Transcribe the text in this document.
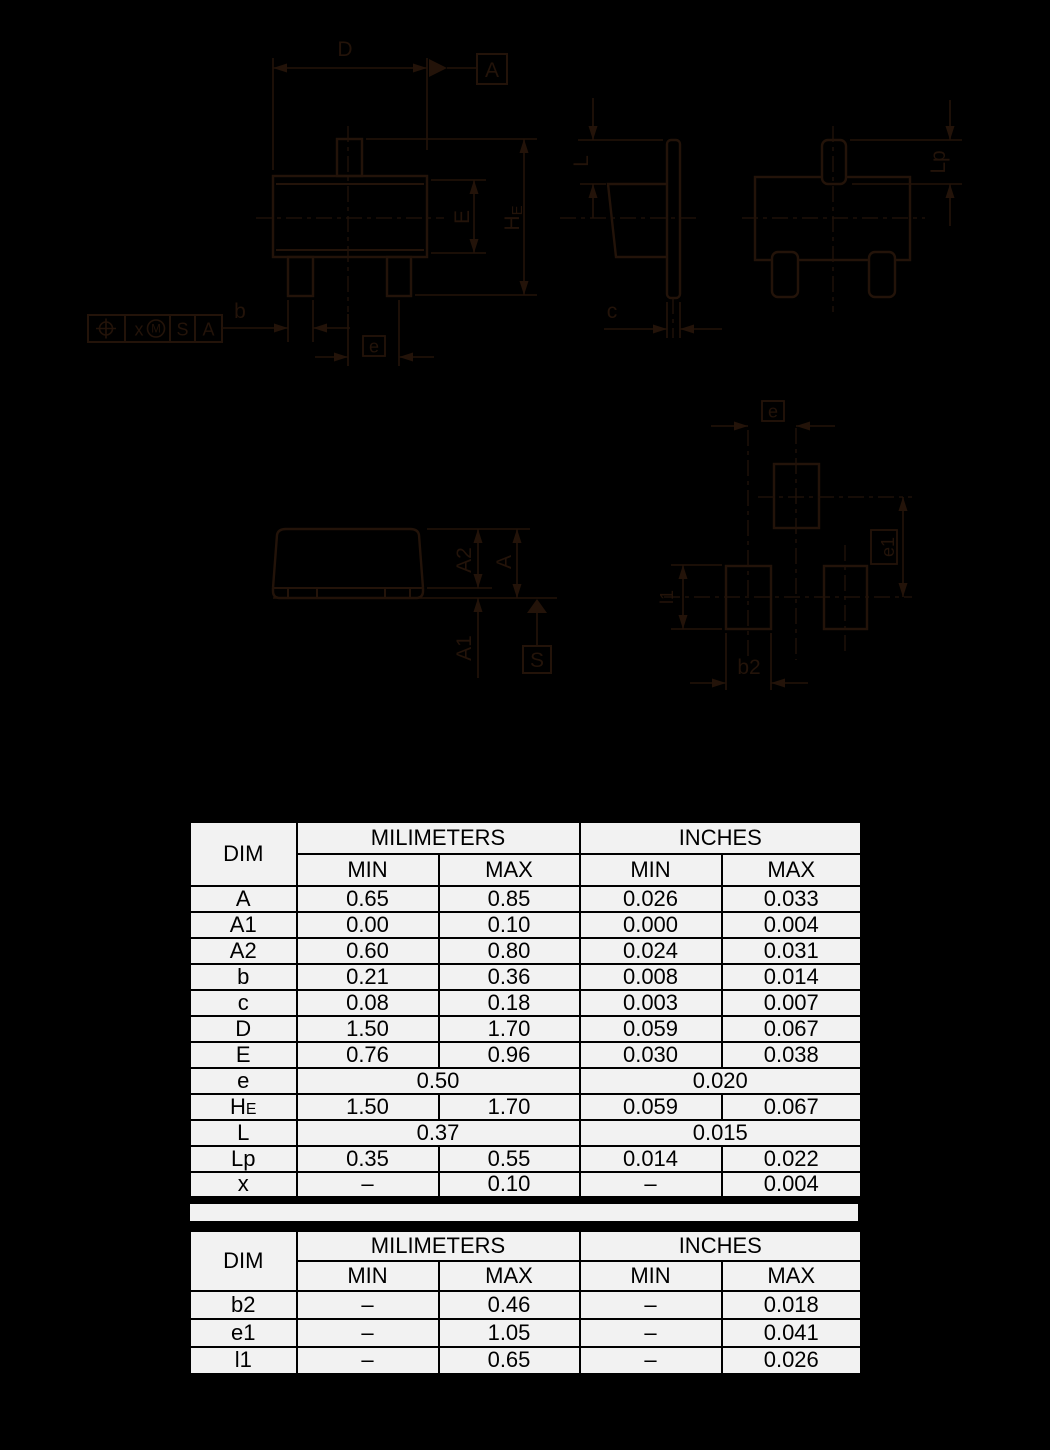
D
A
E HE
x M S A
b
e
L
c
Lp
A2 A
A1	S
e
e1
l1
b2
DIM	MILIMETERS		INCHES	
	MIN	MAX	MIN	MAX
A	0.65	0.85	0.026	0.033
A1	0.00	0.10	0.000	0.004
A2	0.60	0.80	0.024	0.031
b	0.21	0.36	0.008	0.014
c	0.08	0.18	0.003	0.007
D	1.50	1.70	0.059	0.067
E	0.76	0.96	0.030	0.038
e	0.50		0.020	
HE	1.50	1.70	0.059	0.067
L	0.37		0.015	
Lp	0.35	0.55	0.014	0.022
x	–	0.10	–	0.004
DIM	MILIMETERS		INCHES	
	MIN	MAX	MIN	MAX
b2	–	0.46	–	0.018
e1	–	1.05	–	0.041
l1	–	0.65	–	0.026
